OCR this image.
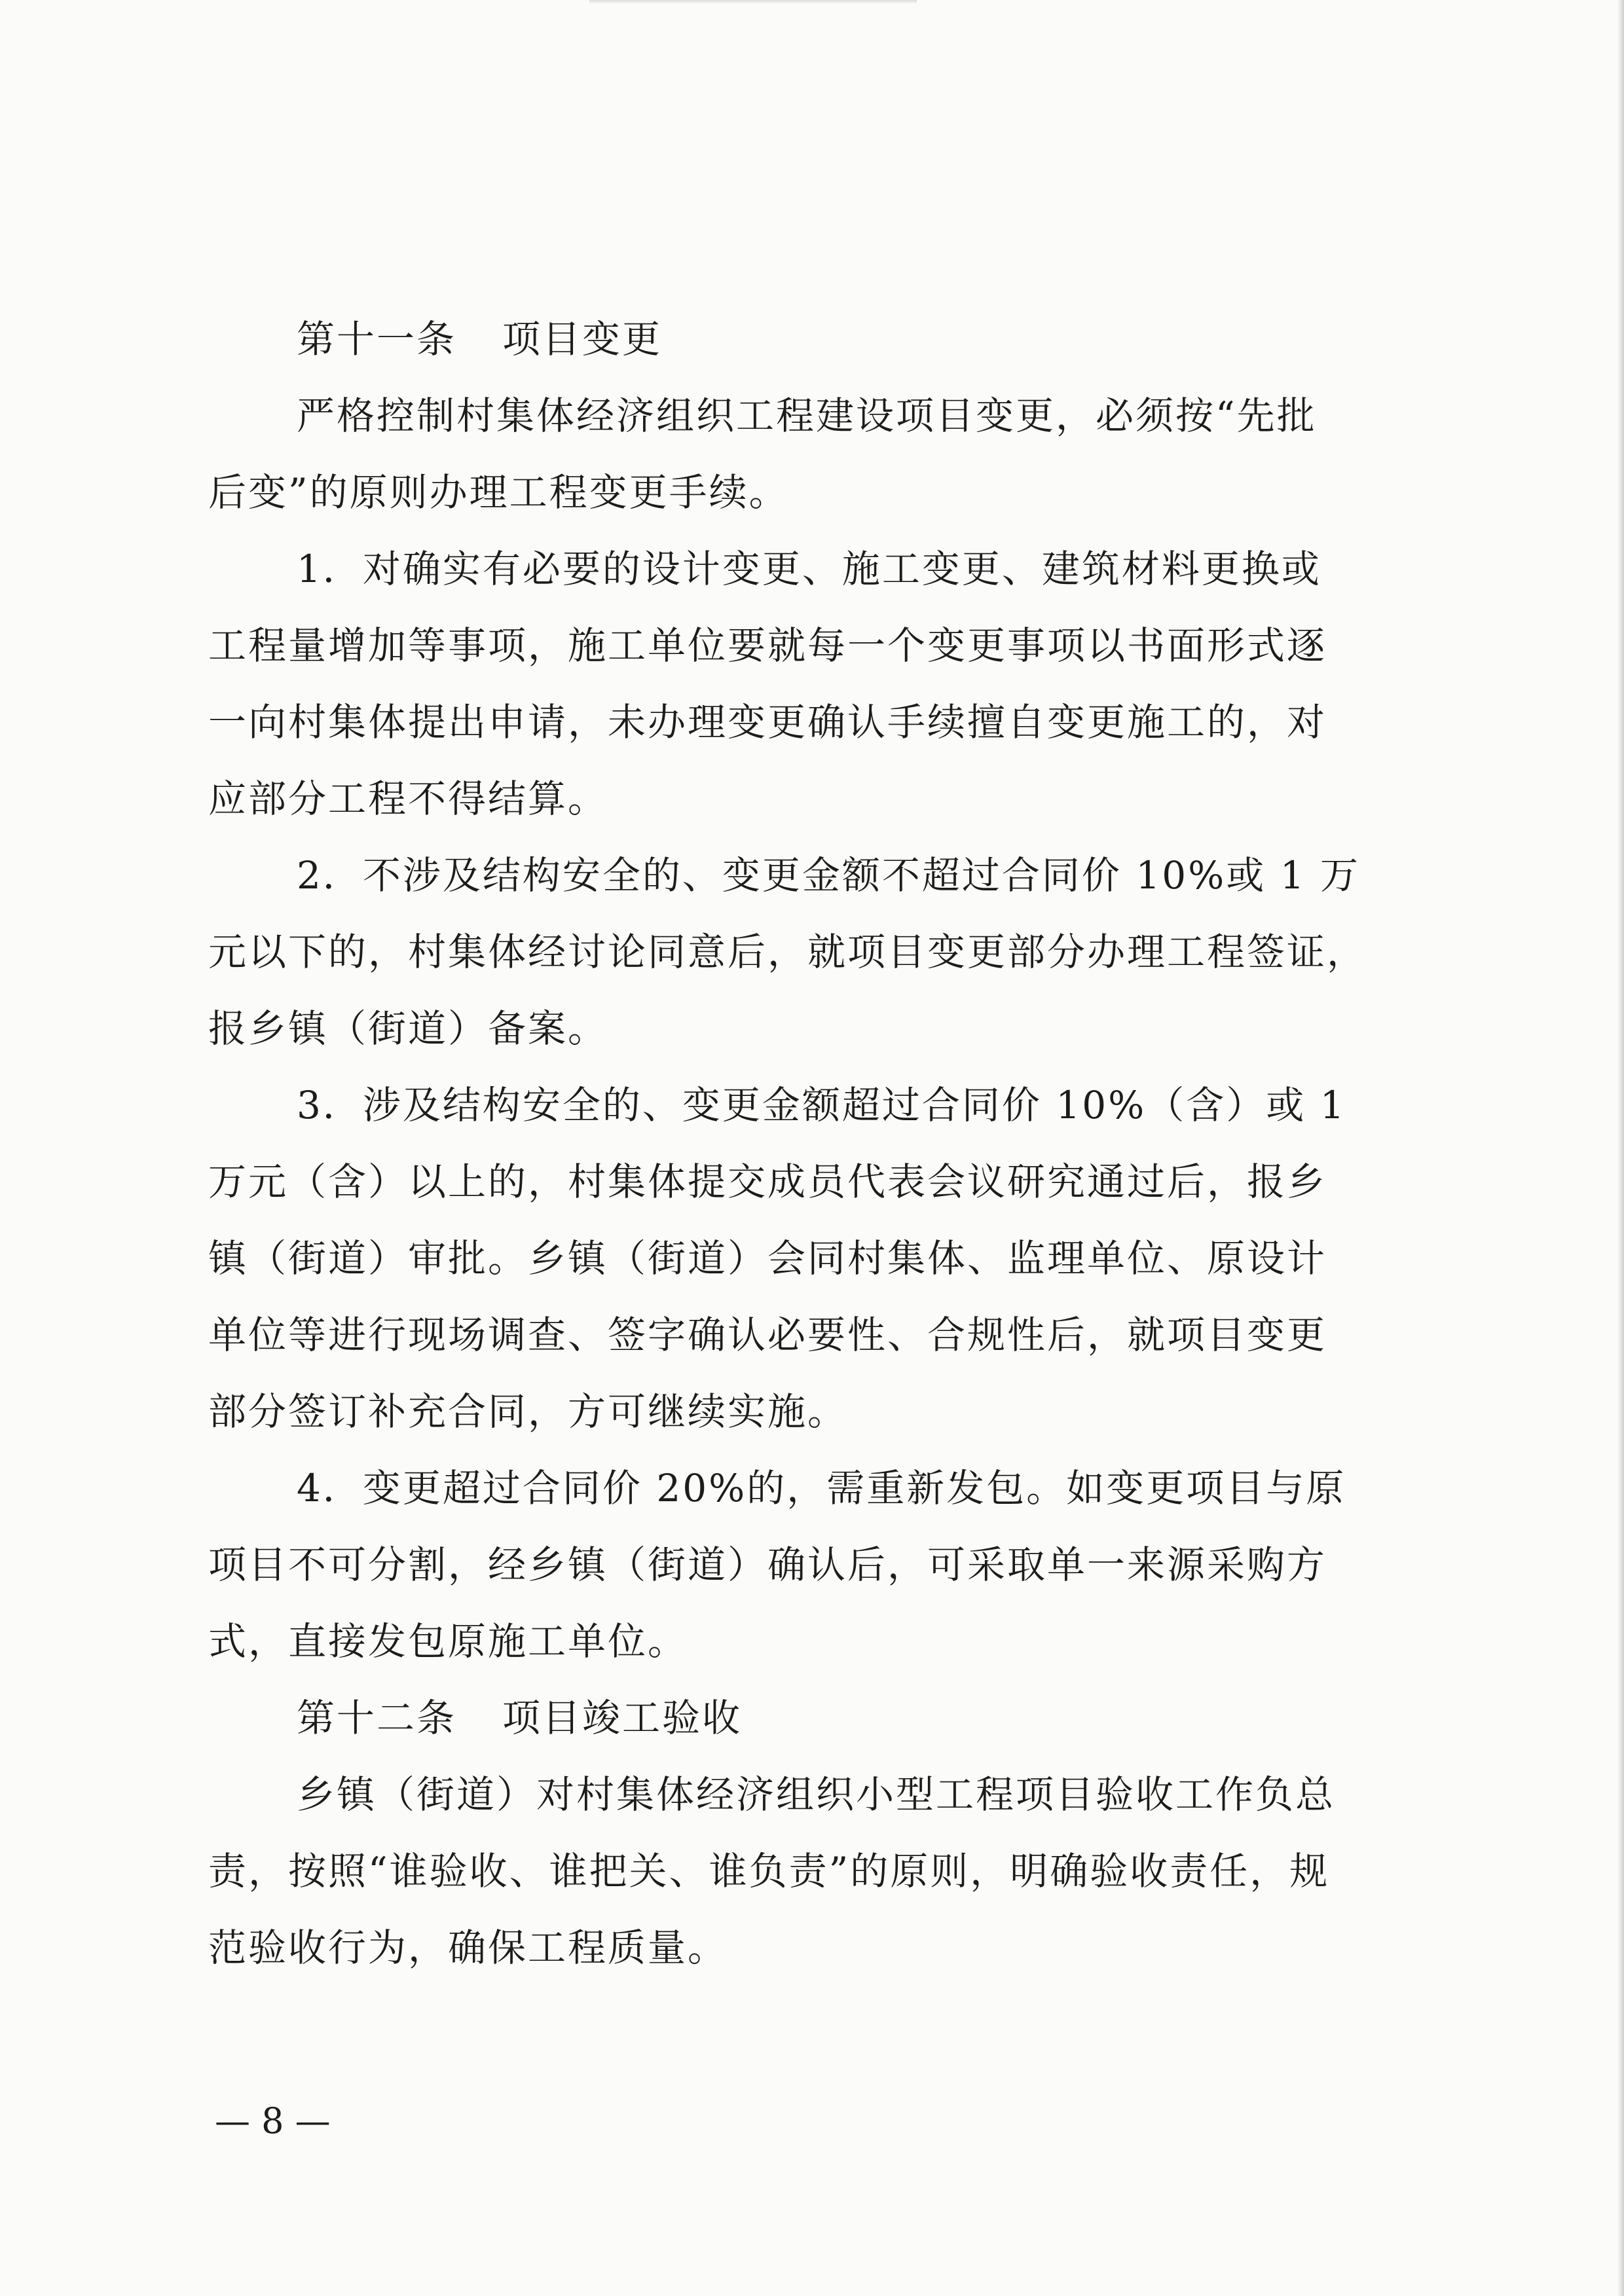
第十一条 项目变更

严格控制村集体经济组织工程建设项目变更，必须按“先批

后变”的原则办理工程变更手续。

1．对确实有必要的设计变更、施工变更、建筑材料更换或

工程量增加等事项，施工单位要就每一个变更事项以书面形式逐

一向村集体提出申请，未办理变更确认手续擅自变更施工的，对

应部分工程不得结算。

2．不涉及结构安全的、变更金额不超过合同价 10%或 1 万

元以下的，村集体经讨论同意后，就项目变更部分办理工程签证，

报乡镇（街道）备案。

3．涉及结构安全的、变更金额超过合同价 10%（含）或 1

万元（含）以上的，村集体提交成员代表会议研究通过后，报乡

镇（街道）审批。乡镇（街道）会同村集体、监理单位、原设计

单位等进行现场调查、签字确认必要性、合规性后，就项目变更

部分签订补充合同，方可继续实施。

4．变更超过合同价 20%的，需重新发包。如变更项目与原

项目不可分割，经乡镇（街道）确认后，可采取单一来源采购方

式，直接发包原施工单位。

第十二条 项目竣工验收

乡镇（街道）对村集体经济组织小型工程项目验收工作负总

责，按照“谁验收、谁把关、谁负责”的原则，明确验收责任，规

范验收行为，确保工程质量。

— 8 —
